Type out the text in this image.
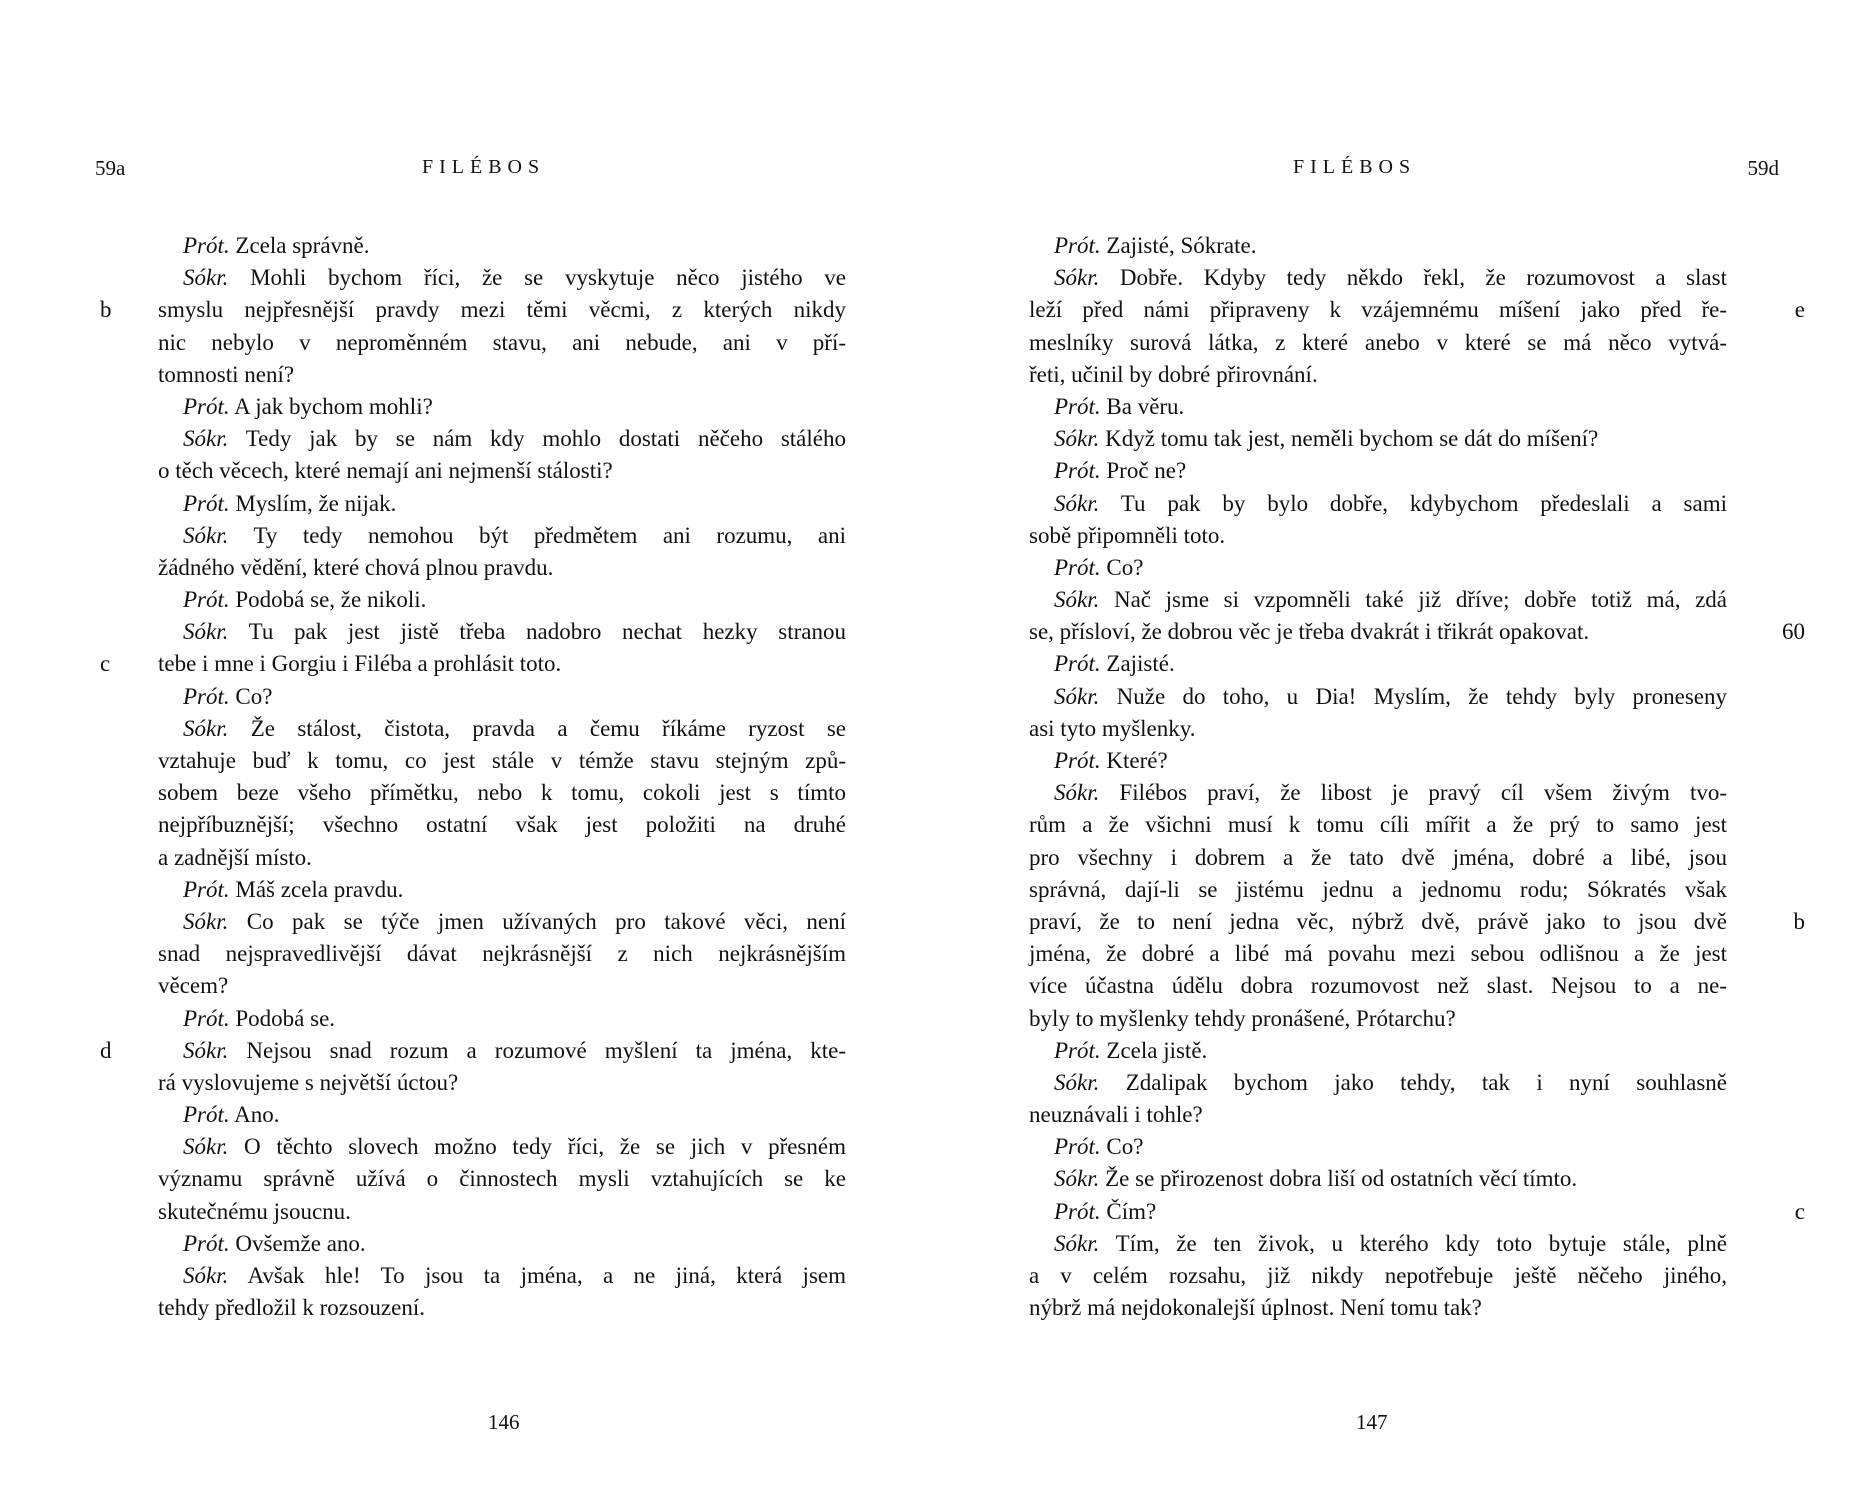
59a	FILÉBOS
Prót. Zcela správně.
Sókr. Mohli bychom říci, že se vyskytuje něco jistého ve
b smyslu nejpřesnější pravdy mezi těmi věcmi, z kterých nikdy
nic nebylo v neproměnném stavu, ani nebude, ani v pří-
tomnosti není?
Prót. A jak bychom mohli?
Sókr. Tedy jak by se nám kdy mohlo dostati něčeho stálého
o těch věcech, které nemají ani nejmenší stálosti?
Prót. Myslím, že nijak.
Sókr. Ty tedy nemohou být předmětem ani rozumu, ani
žádného vědění, které chová plnou pravdu.
Prót. Podobá se, že nikoli.
Sókr. Tu pak jest jistě třeba nadobro nechat hezky stranou
c tebe i mne i Gorgiu i Filéba a prohlásit toto.
Prót. Co?
Sókr. Že stálost, čistota, pravda a čemu říkáme ryzost se
vztahuje buď k tomu, co jest stále v témže stavu stejným způ-
sobem beze všeho přímětku, nebo k tomu, cokoli jest s tímto
nejpříbuznější; všechno ostatní však jest položiti na druhé
a zadnější místo.
Prót. Máš zcela pravdu.
Sókr. Co pak se týče jmen užívaných pro takové věci, není
snad nejspravedlivější dávat nejkrásnější z nich nejkrásnějším
věcem?
Prót. Podobá se.
d	Sókr. Nejsou snad rozum a rozumové myšlení ta jména, kte-
rá vyslovujeme s největší úctou?
Prót. Ano.
Sókr. O těchto slovech možno tedy říci, že se jich v přesném
významu správně užívá o činnostech mysli vztahujících se ke
skutečnému jsoucnu.
Prót. Ovšemže ano.
Sókr. Avšak hle! To jsou ta jména, a ne jiná, která jsem
tehdy předložil k rozsouzení.
146
FILÉBOS	59d
Prót. Zajisté, Sókrate.
Sókr. Dobře. Kdyby tedy někdo řekl, že rozumovost a slast
e
leží před námi připraveny k vzájemnému míšení jako před ře-
meslníky surová látka, z které anebo v které se má něco vytvá-
řeti, učinil by dobré přirovnání.
Prót. Ba věru.
Sókr. Když tomu tak jest, neměli bychom se dát do míšení?
Prót. Proč ne?
Sókr. Tu pak by bylo dobře, kdybychom předeslali a sami
sobě připomněli toto.
Prót. Co?
Sókr. Nač jsme si vzpomněli také již dříve; dobře totiž má, zdá
60
se, přísloví, že dobrou věc je třeba dvakrát i třikrát opakovat.
Prót. Zajisté.
Sókr. Nuže do toho, u Dia! Myslím, že tehdy byly proneseny
asi tyto myšlenky.
Prót. Které?
Sókr. Filébos praví, že libost je pravý cíl všem živým tvo-
rům a že všichni musí k tomu cíli mířit a že prý to samo jest
pro všechny i dobrem a že tato dvě jména, dobré a libé, jsou
správná, dají-li se jistému jednu a jednomu rodu; Sókratés však
b
praví, že to není jedna věc, nýbrž dvě, právě jako to jsou dvě
jména, že dobré a libé má povahu mezi sebou odlišnou a že jest
více účastna údělu dobra rozumovost než slast. Nejsou to a ne-
byly to myšlenky tehdy pronášené, Prótarchu?
Prót. Zcela jistě.
Sókr. Zdalipak bychom jako tehdy, tak i nyní souhlasně
neuznávali i tohle?
Prót. Co?
Sókr. Že se přirozenost dobra liší od ostatních věcí tímto.
c
Prót. Čím?
Sókr. Tím, že ten živok, u kterého kdy toto bytuje stále, plně
a v celém rozsahu, již nikdy nepotřebuje ještě něčeho jiného,
nýbrž má nejdokonalejší úplnost. Není tomu tak?
147
